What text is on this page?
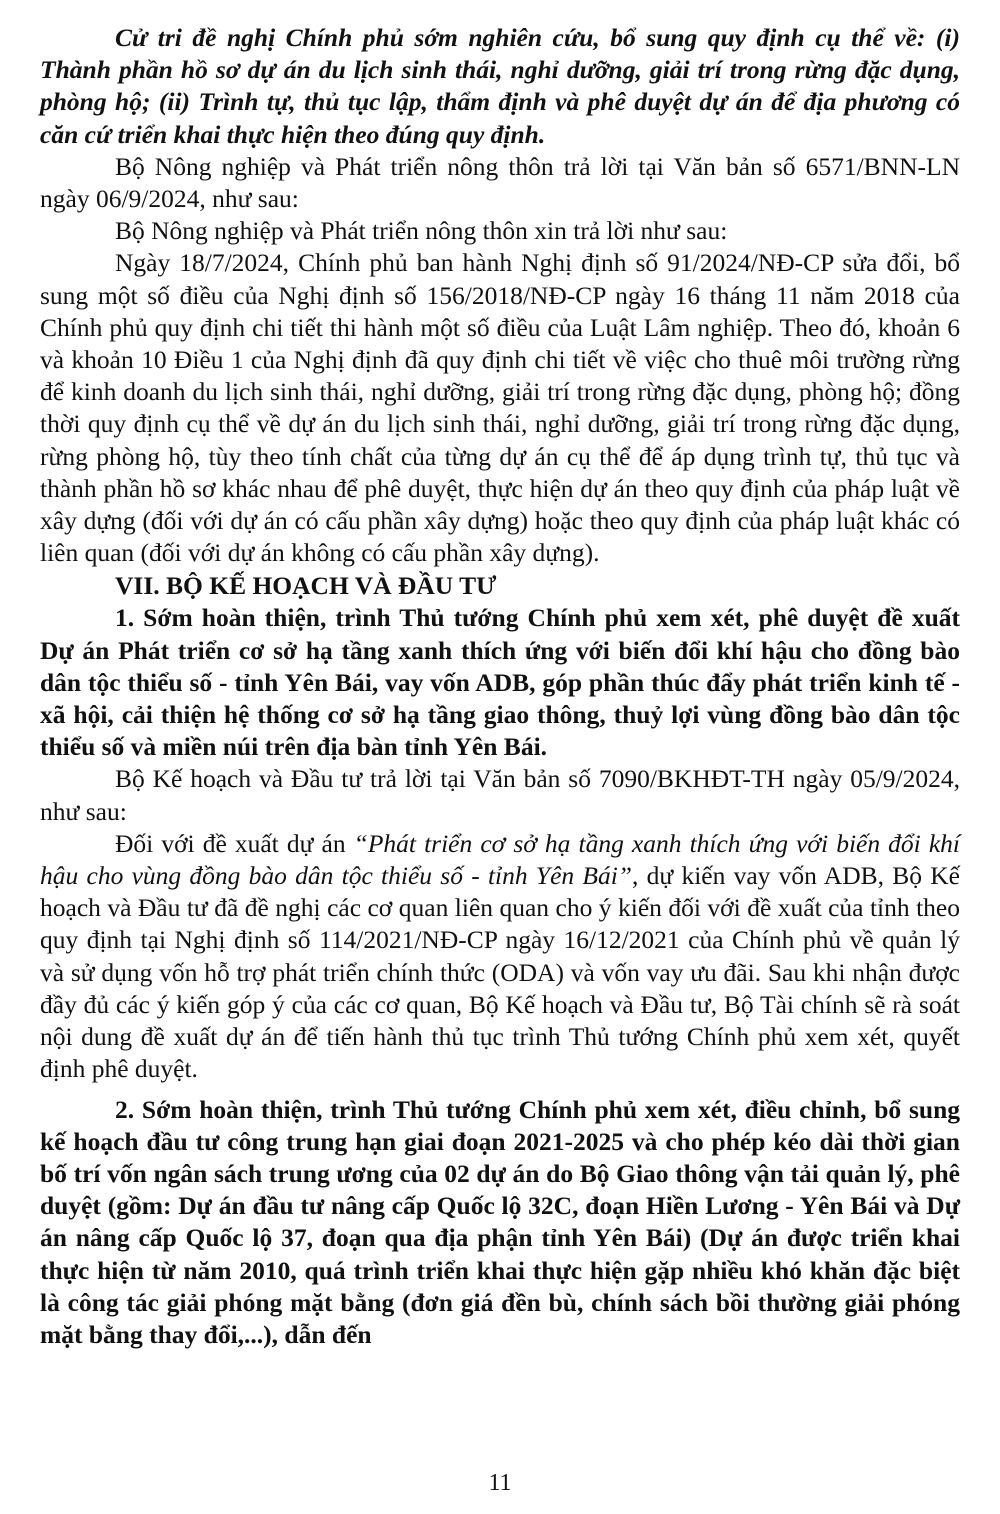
Cử tri đề nghị Chính phủ sớm nghiên cứu, bổ sung quy định cụ thể về: (i) Thành phần hồ sơ dự án du lịch sinh thái, nghỉ dưỡng, giải trí trong rừng đặc dụng, phòng hộ; (ii) Trình tự, thủ tục lập, thẩm định và phê duyệt dự án để địa phương có căn cứ triển khai thực hiện theo đúng quy định.

Bộ Nông nghiệp và Phát triển nông thôn trả lời tại Văn bản số 6571/BNN-LN ngày 06/9/2024, như sau:

Bộ Nông nghiệp và Phát triển nông thôn xin trả lời như sau:

Ngày 18/7/2024, Chính phủ ban hành Nghị định số 91/2024/NĐ-CP sửa đổi, bổ sung một số điều của Nghị định số 156/2018/NĐ-CP ngày 16 tháng 11 năm 2018 của Chính phủ quy định chi tiết thi hành một số điều của Luật Lâm nghiệp. Theo đó, khoản 6 và khoản 10 Điều 1 của Nghị định đã quy định chi tiết về việc cho thuê môi trường rừng để kinh doanh du lịch sinh thái, nghỉ dưỡng, giải trí trong rừng đặc dụng, phòng hộ; đồng thời quy định cụ thể về dự án du lịch sinh thái, nghỉ dưỡng, giải trí trong rừng đặc dụng, rừng phòng hộ, tùy theo tính chất của từng dự án cụ thể để áp dụng trình tự, thủ tục và thành phần hồ sơ khác nhau để phê duyệt, thực hiện dự án theo quy định của pháp luật về xây dựng (đối với dự án có cấu phần xây dựng) hoặc theo quy định của pháp luật khác có liên quan (đối với dự án không có cấu phần xây dựng).

VII. BỘ KẾ HOẠCH VÀ ĐẦU TƯ

1. Sớm hoàn thiện, trình Thủ tướng Chính phủ xem xét, phê duyệt đề xuất Dự án Phát triển cơ sở hạ tầng xanh thích ứng với biến đổi khí hậu cho đồng bào dân tộc thiểu số - tỉnh Yên Bái, vay vốn ADB, góp phần thúc đẩy phát triển kinh tế - xã hội, cải thiện hệ thống cơ sở hạ tầng giao thông, thuỷ lợi vùng đồng bào dân tộc thiểu số và miền núi trên địa bàn tỉnh Yên Bái.

Bộ Kế hoạch và Đầu tư trả lời tại Văn bản số 7090/BKHĐT-TH ngày 05/9/2024, như sau:

Đối với đề xuất dự án “Phát triển cơ sở hạ tầng xanh thích ứng với biến đổi khí hậu cho vùng đồng bào dân tộc thiểu số - tỉnh Yên Bái”, dự kiến vay vốn ADB, Bộ Kế hoạch và Đầu tư đã đề nghị các cơ quan liên quan cho ý kiến đối với đề xuất của tỉnh theo quy định tại Nghị định số 114/2021/NĐ-CP ngày 16/12/2021 của Chính phủ về quản lý và sử dụng vốn hỗ trợ phát triển chính thức (ODA) và vốn vay ưu đãi. Sau khi nhận được đầy đủ các ý kiến góp ý của các cơ quan, Bộ Kế hoạch và Đầu tư, Bộ Tài chính sẽ rà soát nội dung đề xuất dự án để tiến hành thủ tục trình Thủ tướng Chính phủ xem xét, quyết định phê duyệt.

2. Sớm hoàn thiện, trình Thủ tướng Chính phủ xem xét, điều chỉnh, bổ sung kế hoạch đầu tư công trung hạn giai đoạn 2021-2025 và cho phép kéo dài thời gian bố trí vốn ngân sách trung ương của 02 dự án do Bộ Giao thông vận tải quản lý, phê duyệt (gồm: Dự án đầu tư nâng cấp Quốc lộ 32C, đoạn Hiền Lương - Yên Bái và Dự án nâng cấp Quốc lộ 37, đoạn qua địa phận tỉnh Yên Bái) (Dự án được triển khai thực hiện từ năm 2010, quá trình triển khai thực hiện gặp nhiều khó khăn đặc biệt là công tác giải phóng mặt bằng (đơn giá đền bù, chính sách bồi thường giải phóng mặt bằng thay đổi,...), dẫn đến

11
